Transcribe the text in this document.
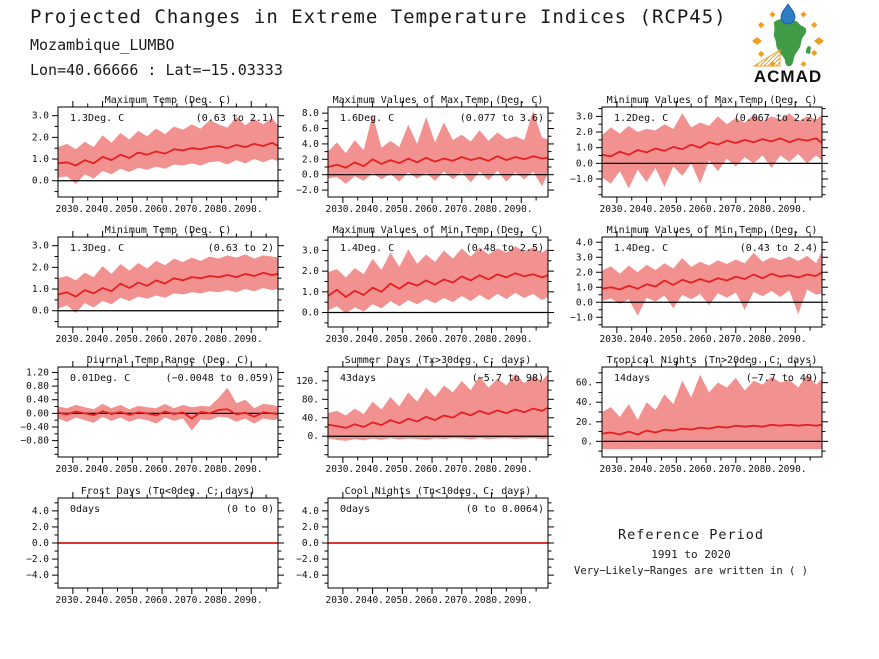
Projected Changes in Extreme Temperature Indices (RCP45)
Mozambique_LUMBO
Lon=40.66666 : Lat=−15.03333	ACMAD
0.0
1.0
2.0
3.0
2030. 2040. 2050. 2060. 2070. 2080. 2090.
Maximum Temp (Deg. C)
1.3Deg. C	(0.63 to 2.1)
−2.0
0.0
2.0
4.0
6.0
8.0
2030. 2040. 2050. 2060. 2070. 2080. 2090.
Maximum Values of Max Temp (Deg. C)
1.6Deg. C	(0.077 to 3.6)
−1.0
0.0
1.0
2.0
3.0
2030. 2040. 2050. 2060. 2070. 2080. 2090.
Minimum Values of Max Temp (Deg. C)
1.2Deg. C	(0.067 to 2.2)
0.0
1.0
2.0
3.0
2030. 2040. 2050. 2060. 2070. 2080. 2090.
Minimum Temp (Deg. C)
1.3Deg. C	(0.63 to 2)
0.0
1.0
2.0
3.0
2030. 2040. 2050. 2060. 2070. 2080. 2090.
Maximum Values of Min Temp (Deg. C)
1.4Deg. C	(0.48 to 2.5)
−1.0
0.0
1.0
2.0
3.0
4.0
2030. 2040. 2050. 2060. 2070. 2080. 2090.
Minimum Values of Min Temp (Deg. C)
1.4Deg. C	(0.43 to 2.4)
−0.80
−0.40
0.00
0.40
0.80
1.20
2030. 2040. 2050. 2060. 2070. 2080. 2090.
Diurnal Temp Range (Deg. C)
0.01Deg. C	(−0.0048 to 0.059)
0.
40.
80.
120.
2030. 2040. 2050. 2060. 2070. 2080. 2090.
Summer Days (Tx>30deg. C; days)
43days	(−5.7 to 98)
0.
20.
40.
60.
2030. 2040. 2050. 2060. 2070. 2080. 2090.
Tropical Nights (Tn>20deg. C; days)
14days	(−7.7 to 49)
−4.0
−2.0
0.0
2.0
4.0
2030. 2040. 2050. 2060. 2070. 2080. 2090.
Frost Days (Tn<0deg. C; days)
0days	(0 to 0)
−4.0
−2.0
0.0
2.0
4.0
2030. 2040. 2050. 2060. 2070. 2080. 2090.
Cool Nights (Tn<10deg. C; days)
0days	(0 to 0.0064)
Reference Period
1991 to 2020
Very−Likely−Ranges are written in ( )
